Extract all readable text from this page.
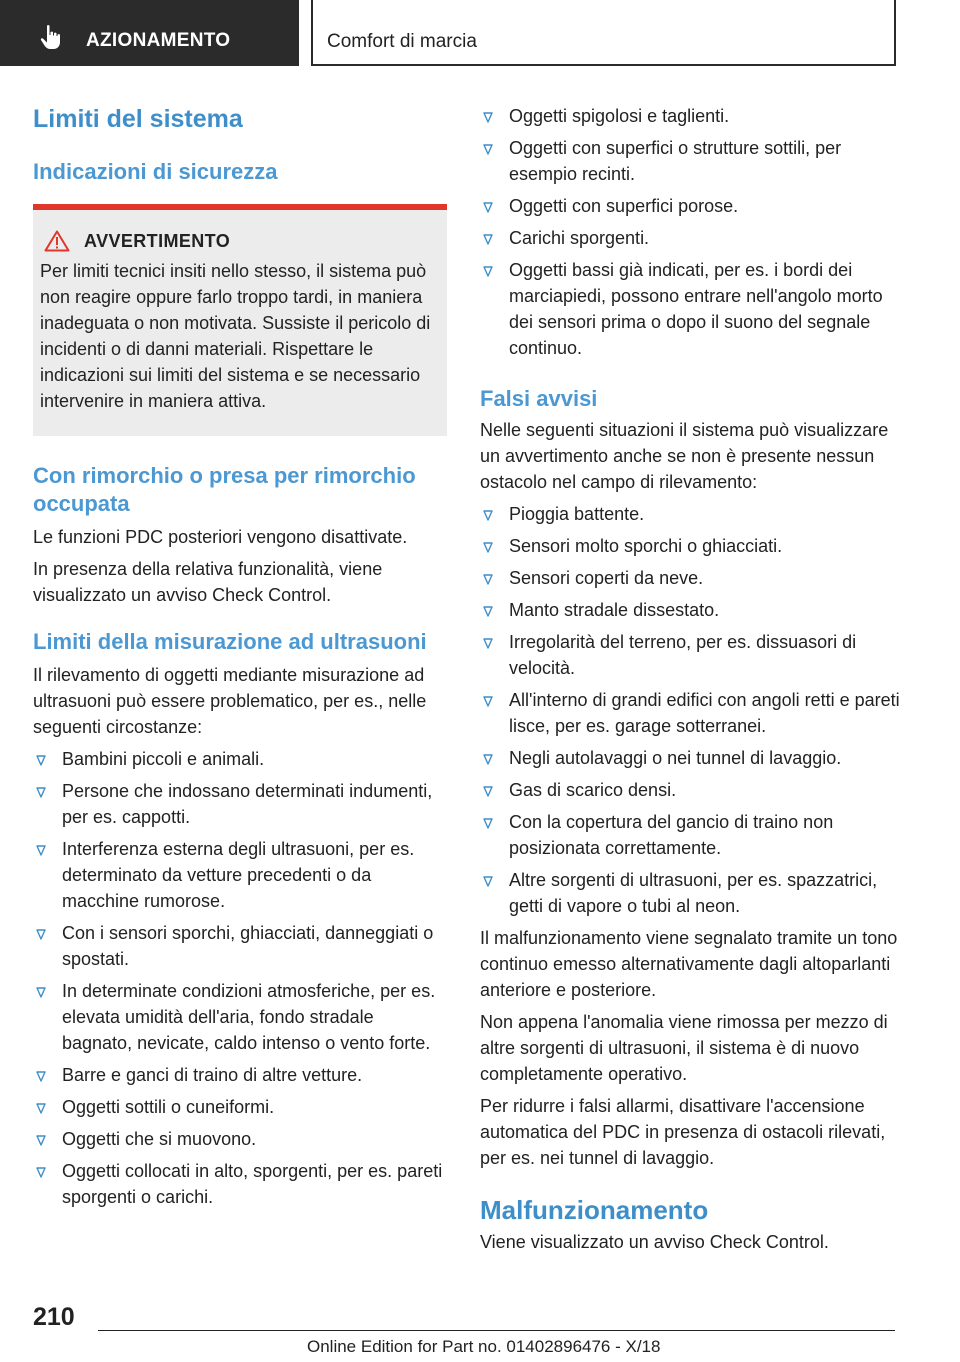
AZIONAMENTO	Comfort di marcia
Limiti del sistema
Indicazioni di sicurezza
AVVERTIMENTO

Per limiti tecnici insiti nello stesso, il sistema può non reagire oppure farlo troppo tardi, in maniera inadeguata o non motivata. Sussiste il pericolo di incidenti o di danni materiali. Rispettare le indicazioni sui limiti del sistema e se necessario intervenire in maniera attiva.

Con rimorchio o presa per rimorchio occupata

Le funzioni PDC posteriori vengono disattivate.

In presenza della relativa funzionalità, viene visualizzato un avviso Check Control.

Limiti della misurazione ad ultrasuoni

Il rilevamento di oggetti mediante misurazione ad ultrasuoni può essere problematico, per es., nelle seguenti circostanze:

Bambini piccoli e animali.
Persone che indossano determinati indumenti, per es. cappotti.
Interferenza esterna degli ultrasuoni, per es. determinato da vetture precedenti o da macchine rumorose.
Con i sensori sporchi, ghiacciati, danneggiati o spostati.
In determinate condizioni atmosferiche, per es. elevata umidità dell'aria, fondo stradale bagnato, nevicate, caldo intenso o vento forte.
Barre e ganci di traino di altre vetture.
Oggetti sottili o cuneiformi.
Oggetti che si muovono.
Oggetti collocati in alto, sporgenti, per es. pareti sporgenti o carichi.
Oggetti spigolosi e taglienti.
Oggetti con superfici o strutture sottili, per esempio recinti.
Oggetti con superfici porose.
Carichi sporgenti.
Oggetti bassi già indicati, per es. i bordi dei marciapiedi, possono entrare nell'angolo morto dei sensori prima o dopo il suono del segnale continuo.
Falsi avvisi

Nelle seguenti situazioni il sistema può visualizzare un avvertimento anche se non è presente nessun ostacolo nel campo di rilevamento:

Pioggia battente.
Sensori molto sporchi o ghiacciati.
Sensori coperti da neve.
Manto stradale dissestato.
Irregolarità del terreno, per es. dissuasori di velocità.
All'interno di grandi edifici con angoli retti e pareti lisce, per es. garage sotterranei.
Negli autolavaggi o nei tunnel di lavaggio.
Gas di scarico densi.
Con la copertura del gancio di traino non posizionata correttamente.
Altre sorgenti di ultrasuoni, per es. spazzatrici, getti di vapore o tubi al neon.

Il malfunzionamento viene segnalato tramite un tono continuo emesso alternativamente dagli altoparlanti anteriore e posteriore.

Non appena l'anomalia viene rimossa per mezzo di altre sorgenti di ultrasuoni, il sistema è di nuovo completamente operativo.

Per ridurre i falsi allarmi, disattivare l'accensione automatica del PDC in presenza di ostacoli rilevati, per es. nei tunnel di lavaggio.

Malfunzionamento

Viene visualizzato un avviso Check Control.

210
Online Edition for Part no. 01402896476 - X/18
